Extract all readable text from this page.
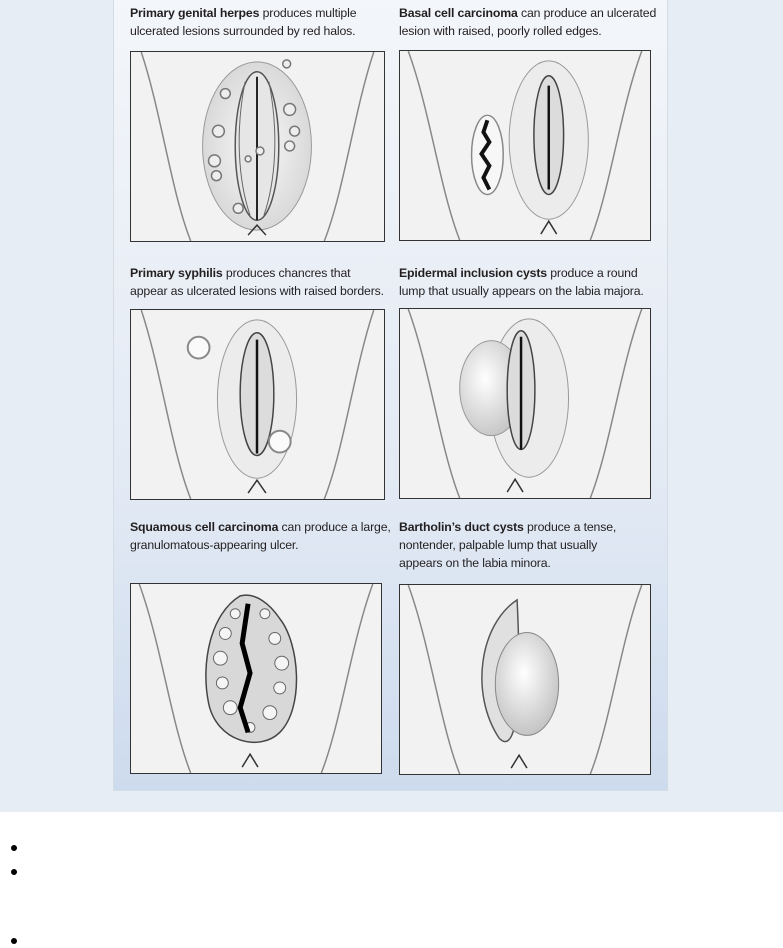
Primary genital herpes produces multiple
ulcerated lesions surrounded by red halos.
Basal cell carcinoma can produce an ulcerated
lesion with raised, poorly rolled edges.
Primary syphilis produces chancres that
appear as ulcerated lesions with raised borders.
Epidermal inclusion cysts produce a round
lump that usually appears on the labia majora.
Squamous cell carcinoma can produce a large,
granulomatous-appearing ulcer.
Bartholin’s duct cysts produce a tense,
nontender, palpable lump that usually
appears on the labia minora.
